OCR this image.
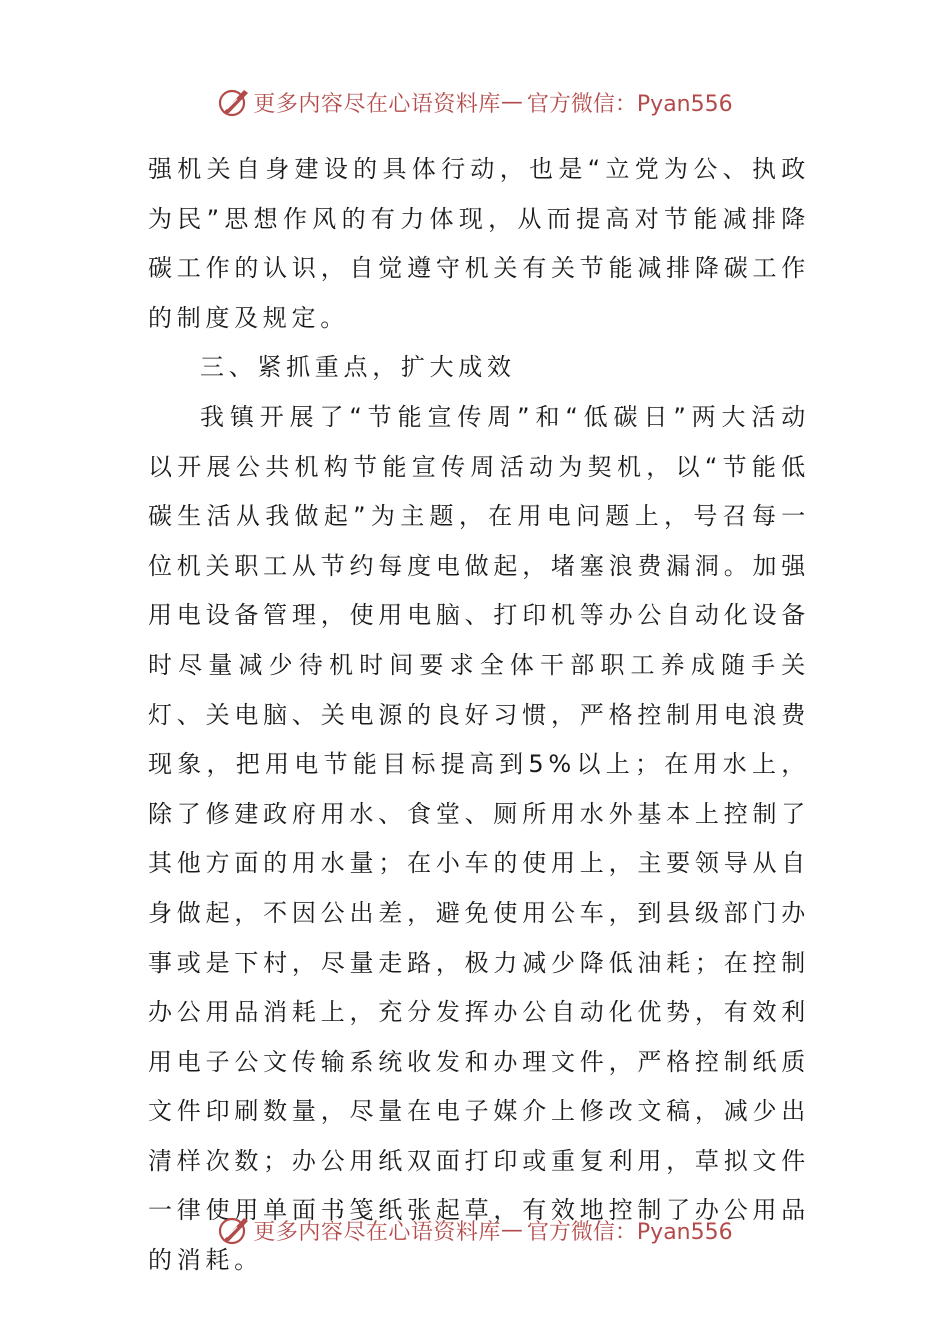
更多内容尽在心语资料库 — 官方微信：Pyan556

强机关自身建设的具体行动，也是“立党为公、执政为民”思想作风的有力体现，从而提高对节能减排降碳工作的认识，自觉遵守机关有关节能减排降碳工作的制度及规定。

三、紧抓重点，扩大成效

我镇开展了“节能宣传周”和“低碳日”两大活动以开展公共机构节能宣传周活动为契机，以“节能低碳生活从我做起”为主题，在用电问题上，号召每一位机关职工从节约每度电做起，堵塞浪费漏洞。加强用电设备管理，使用电脑、打印机等办公自动化设备时尽量减少待机时间要求全体干部职工养成随手关灯、关电脑、关电源的良好习惯，严格控制用电浪费现象，把用电节能目标提高到5%以上；在用水上，除了修建政府用水、食堂、厕所用水外基本上控制了其他方面的用水量；在小车的使用上，主要领导从自身做起，不因公出差，避免使用公车，到县级部门办事或是下村，尽量走路，极力减少降低油耗；在控制办公用品消耗上，充分发挥办公自动化优势，有效利用电子公文传输系统收发和办理文件，严格控制纸质文件印刷数量，尽量在电子媒介上修改文稿，减少出清样次数；办公用纸双面打印或重复利用，草拟文件一律使用单面书笺纸张起草，有效地控制了办公用品的消耗。

更多内容尽在心语资料库 — 官方微信：Pyan556
